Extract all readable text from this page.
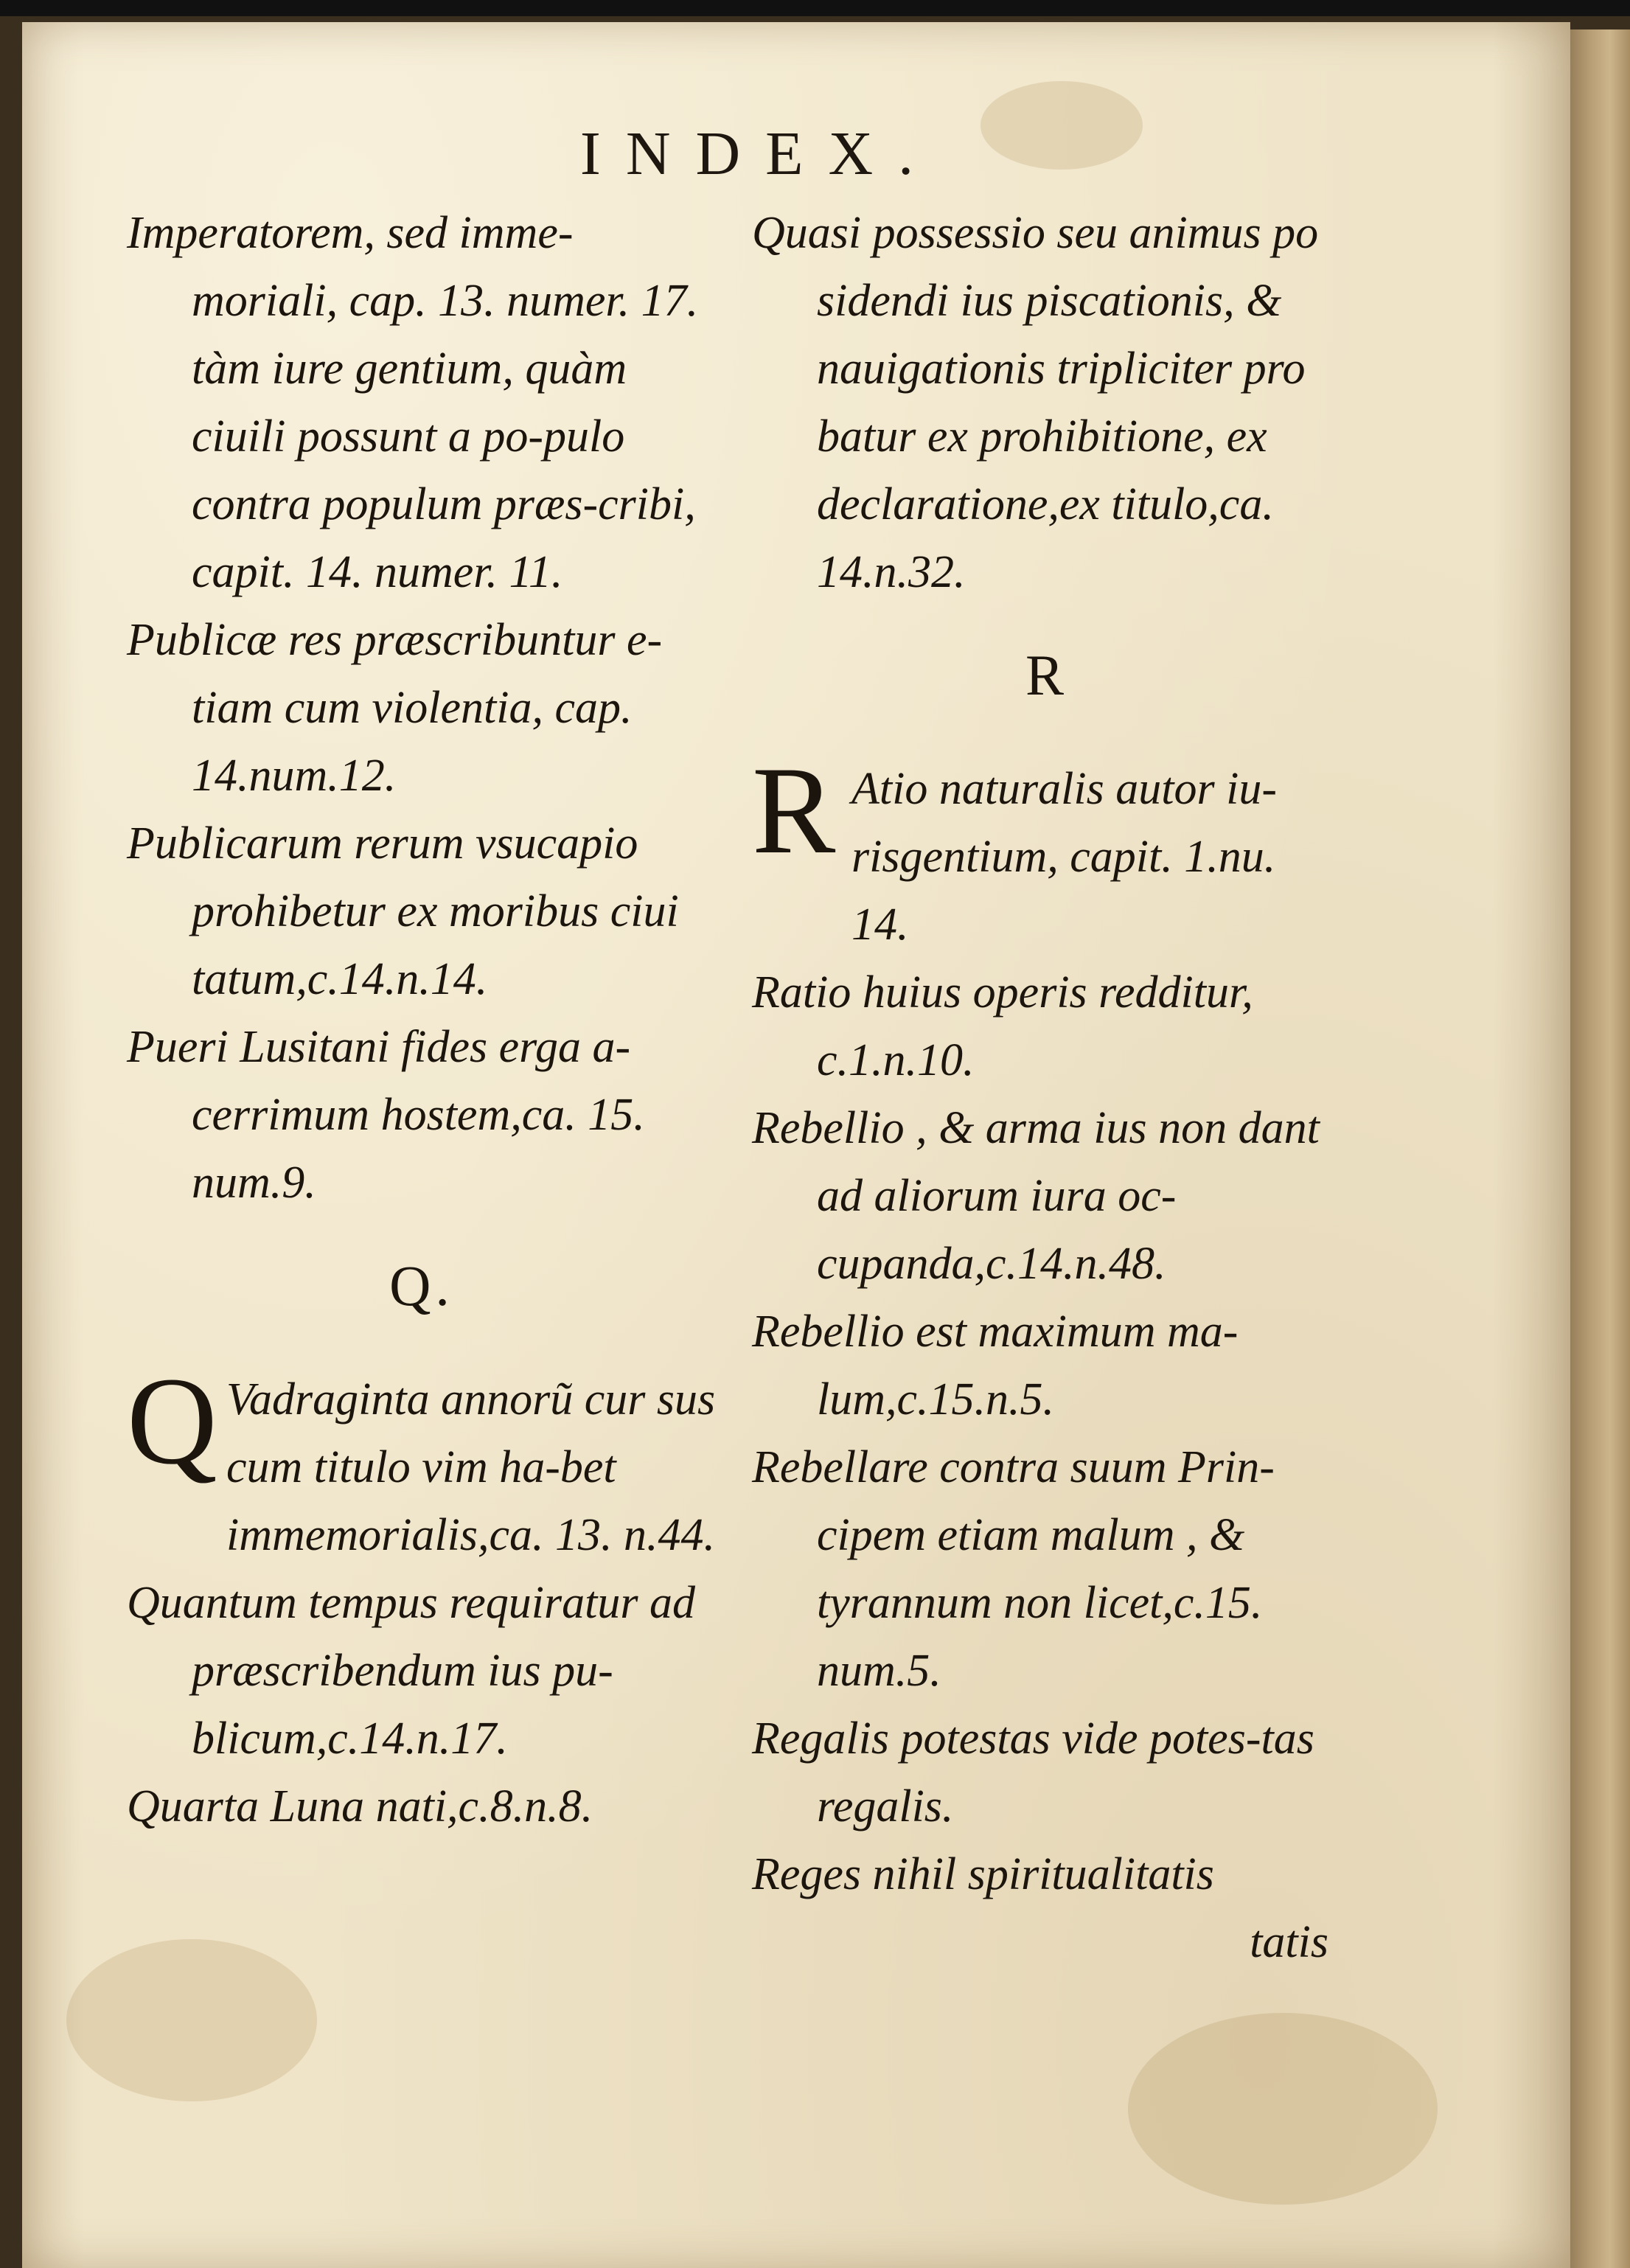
INDEX.

Imperatorem, sed imme-moriali, cap. 13. numer. 17. tàm iure gentium, quàm ciuili possunt a po-pulo contra populum præs-cribi, capit. 14. numer. 11.

Publicæ res præscribuntur e-tiam cum violentia, cap. 14.num.12.

Publicarum rerum vsucapio prohibetur ex moribus ciui tatum,c.14.n.14.

Pueri Lusitani fides erga a-cerrimum hostem,ca. 15. num.9.

Q.

Q Vadraginta annorũ cur sus cum titulo vim ha-bet immemorialis,ca. 13. n.44.

Quantum tempus requiratur ad præscribendum ius pu-blicum,c.14.n.17.

Quarta Luna nati,c.8.n.8.

Quasi possessio seu animus po sidendi ius piscationis, & nauigationis tripliciter pro batur ex prohibitione, ex declaratione,ex titulo,ca. 14.n.32.

R

R Atio naturalis autor iu-risgentium, capit. 1.nu. 14.

Ratio huius operis redditur, c.1.n.10.

Rebellio , & arma ius non dant ad aliorum iura oc-cupanda,c.14.n.48.

Rebellio est maximum ma-lum,c.15.n.5.

Rebellare contra suum Prin-cipem etiam malum , & tyrannum non licet,c.15. num.5.

Regalis potestas vide potes-tas regalis.

Reges nihil spiritualitatis

tatis
